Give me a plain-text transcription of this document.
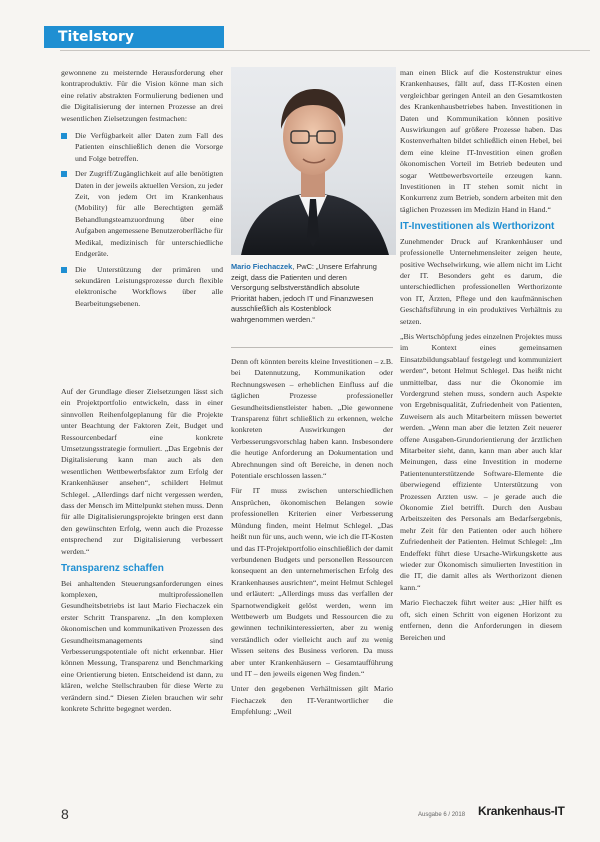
Titelstory

gewonnene zu meisternde Herausforderung eher kontraproduktiv. Für die Vision könne man sich eine relativ abstrakten Formulierung bedienen und die Digitalisierung der internen Prozesse an drei wesentlichen Zielsetzungen festmachen:

Die Verfügbarkeit aller Daten zum Fall des Patienten einschließlich denen die Vorsorge und Folge betreffen.
Der Zugriff/Zugänglichkeit auf alle benötigten Daten in der jeweils aktuellen Version, zu jeder Zeit, von jedem Ort im Krankenhaus (Mobility) für alle Berechtigten gemäß Behandlungsteamzuordnung über eine Aufgaben angemessene Benutzeroberfläche für Medikal, medizinisch für unterschiedliche Endgeräte.
Die Unterstützung der primären und sekundären Leistungsprozesse durch flexible elektronische Workflows über alle Bearbeitungsebenen.

Auf der Grundlage dieser Zielsetzungen lässt sich ein Projektportfolio entwickeln, dass in einer sinnvollen Reihenfolgeplanung für die Projekte unter Beachtung der Faktoren Zeit, Budget und Ressourcenbedarf eine konkrete Umsetzungsstrategie formuliert. „Das Ergebnis der Digitalisierung kann man auch als den wesentlichen Wettbewerbsfaktor zum Erfolg der Krankenhäuser ansehen“, schildert Helmut Schlegel. „Allerdings darf nicht vergessen werden, dass der Mensch im Mittelpunkt stehen muss. Denn für alle Digitalisierungsprojekte bringen erst dann den gewünschten Erfolg, wenn auch die Prozesse entsprechend zur Digitalisierung verbessert werden.“

Transparenz schaffen

Bei anhaltenden Steuerungsanforderungen eines komplexen, multiprofessionellen Gesundheitsbetriebs ist laut Mario Fiechaczek ein erster Schritt Transparenz. „In den komplexen ökonomischen und kommunikativen Prozessen des Gesundheitsmanagements sind Verbesserungspotentiale oft nicht erkennbar. Hier können Messung, Transparenz und Benchmarking eine Orientierung bieten. Entscheidend ist dann, zu klären, welche Stellschrauben für diese Werte zu verändern sind.“ Diesen Zielen brauchen wir sehr konkrete Schritte begegnet werden.

Mario Fiechaczek, PwC: „Unsere Erfahrung zeigt, dass die Patienten und deren Versorgung selbstverständlich absolute Priorität haben, jedoch IT und Finanzwesen ausschließlich als Kostenblock wahrgenommen werden.“

Denn oft könnten bereits kleine Investitionen – z.B. bei Datennutzung, Kommunikation oder Rechnungswesen – erheblichen Einfluss auf die täglichen Prozesse professioneller Gesundheitsdienstleister haben. „Die gewonnene Transparenz führt schließlich zu erkennen, welche konkreten Auswirkungen der Verbesserungsvorschlag haben kann. Insbesondere die heutige Anforderung an Dokumentation und Abrechnungen sind oft Bereiche, in denen noch Potentiale erschlossen lassen.“

Für IT muss zwischen unterschiedlichen Ansprüchen, ökonomischen Belangen sowie professionellen Kriterien einer Verbesserung Mündung finden, meint Helmut Schlegel. „Das heißt nun für uns, auch wenn, wie ich die IT-Kosten und das IT-Projektportfolio einschließlich der damit verbundenen Budgets und personellen Ressourcen konsequent an den unternehmerischen Erfolg des Krankenhauses ausrichten“, meint Helmut Schlegel und erläutert: „Allerdings muss das verfallen der Sparnotwendigkeit gelöst werden, wenn im Wettbewerb um Budgets und Ressourcen die zu gewinnen technikinteressierten, aber zu wenig verständlich oder vielleicht auch auf zu wenig Wissen seitens des Business verloren. Da muss aber unter Krankenhäusern – Gesamtaufführung und IT – den jeweils eigenen Weg finden.“

Unter den gegebenen Verhältnissen gilt Mario Fiechaczek den IT-Verantwortlicher die Empfehlung: „Weil

man einen Blick auf die Kostenstruktur eines Krankenhauses, fällt auf, dass IT-Kosten einen vergleichbar geringen Anteil an den Gesamtkosten des Krankenhausbetriebes haben. Investitionen in Daten und Kommunikation können positive Auswirkungen auf größere Prozesse haben. Das Kostenverhalten bildet schließlich einen Hebel, bei dem eine kleine IT-Investition einen großen ökonomischen Vorteil im Betrieb bedeuten und sogar Wettbewerbsvorteile erzeugen kann. Investitionen in IT stehen somit nicht in Konkurrenz zum Betrieb, sondern arbeiten mit den täglichen Prozessen im Medizin Hand in Hand.“

IT-Investitionen als Werthorizont

Zunehmender Druck auf Krankenhäuser und professionelle Unternehmensleiter zeigen heute, positive Wechselwirkung, wie allem nicht im Licht der IT. Besonders geht es darum, die unterschiedlichen professionellen Werthorizonte von IT, Ärzten, Pflege und den kaufmännischen Geschäftsführung in ein produktives Verhältnis zu setzen.

„Bis Wertschöpfung jedes einzelnen Projektes muss im Kontext eines gemeinsamen Einsatzbildungsablauf festgelegt und kommuniziert werden“, betont Helmut Schlegel. Das heißt nicht unmittelbar, dass nur die Ökonomie im Vordergrund stehen muss, sondern auch Aspekte von Ergebnisqualität, Zufriedenheit von Patienten, Zuweisern als auch Mitarbeitern müssen bewertet werden. „Wenn man aber die letzten Zeit neuerer offene Ausgaben-Grundorientierung der ärztlichen Mitarbeiter sieht, dann, kann man aber auch klar Meinungen, dass eine Investition in moderne Patientenunterstützende Software-Elemente die überwiegend effiziente Unterstützung von Prozessen Arzten usw. – je gerade auch die Ökonomie Ziel betrifft. Durch den Ausbau Arbeitszeiten des Personals am Bedarfsergebnis, mehr Zeit für den Patienten oder auch höhere Zufriedenheit der Patienten. Helmut Schlegel: „Im Endeffekt führt diese Ursache-Wirkungskette aus wieder zur Ökonomisch simulierten Investition in die IT, die damit alles als Werthorizont dienen kann.“

Mario Fiechaczek führt weiter aus: „Hier hilft es oft, sich einen Schritt von eigenen Horizont zu entfernen, denn die Anforderungen in diesem Bereichen und

8	Ausgabe 6 / 2018 Krankenhaus-IT
